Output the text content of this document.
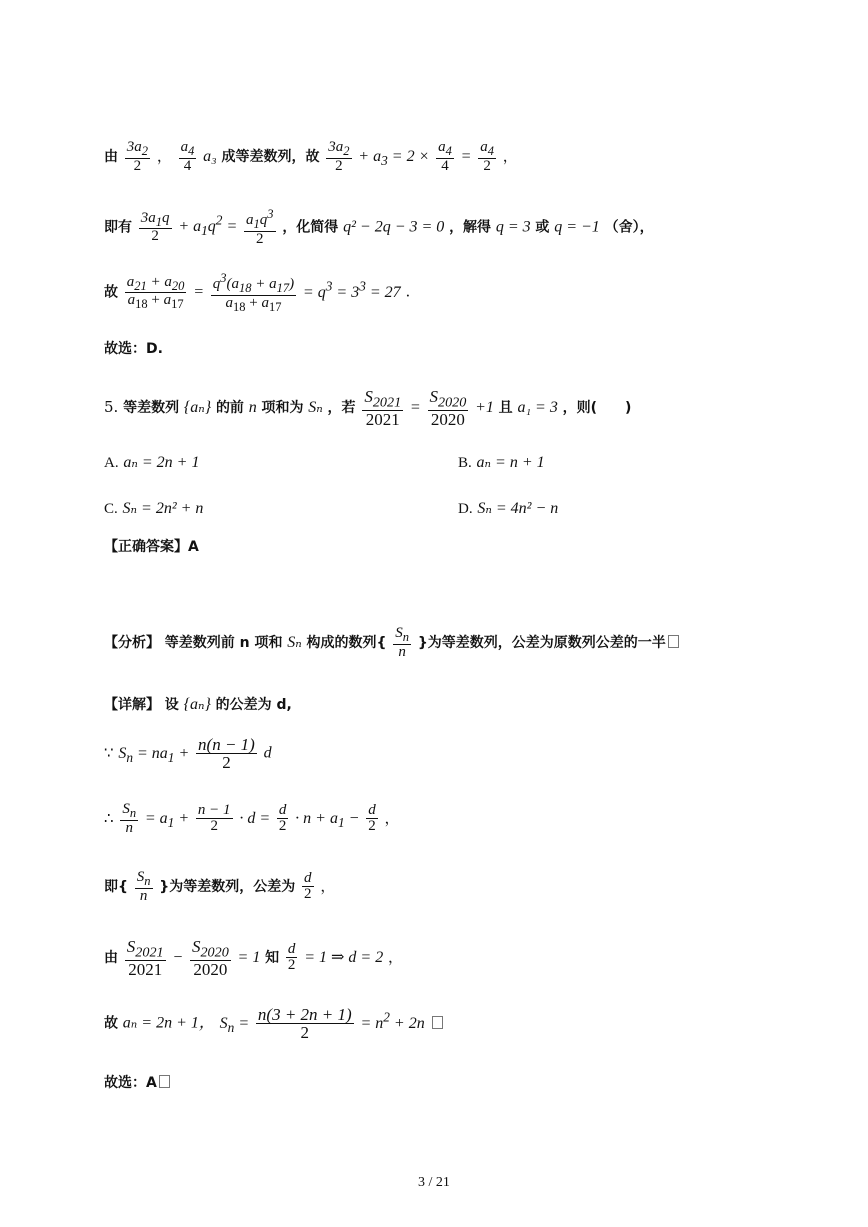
由 $\frac{3a_2}{2}$ ， $\frac{a_4}{4} a_3$ 成等差数列，故 $\frac{3a_2}{2} + a_3 = 2 \times \frac{a_4}{4} = \frac{a_4}{2}$ ，
即有 $\frac{3a_1q}{2} + a_1q^2 = \frac{a_1q^3}{2}$ ，化简得 q² − 2q − 3 = 0 ，解得 q = 3 或 q = −1 （舍），
故 $\frac{a_{21} + a_{20}}{a_{18} + a_{17}} = \frac{q^3(a_{18} + a_{17})}{a_{18} + a_{17}} = q^3 = 3^3 = 27$ .
故选：D.
5. 等差数列 {aₙ} 的前 n 项和为 Sₙ ，若 $\frac{S_{2021}}{2021} = \frac{S_{2020}}{2020} +1$ 且 a₁ = 3 ，则(　　)
A. aₙ = 2n + 1	B. aₙ = n + 1
C. Sₙ = 2n² + n	D. Sₙ = 4n² − n
【正确答案】A
【分析】 等差数列前 n 项和 Sₙ 构成的数列{ $\frac{S_n}{n}$ }为等差数列，公差为原数列公差的一半
【详解】 设 {aₙ} 的公差为 d,
∵ $S_n = na_1 + \frac{n(n - 1)}{2}$ d
∴ $\frac{S_n}{n} = a_1 + \frac{n - 1}{2} \cdot d = \frac{d}{2} \cdot n + a_1 - \frac{d}{2}$ ，
即{ $\frac{S_n}{n}$ }为等差数列，公差为 $\frac{d}{2}$ ，
由 $\frac{S_{2021}}{2021} - \frac{S_{2020}}{2020} = 1$ 知 $\frac{d}{2} = 1$ ⇒ d = 2 ，
故 aₙ = 2n + 1， $S_n = \frac{n(3 + 2n + 1)}{2} = n^2 + 2n$
故选：A
3 / 21
